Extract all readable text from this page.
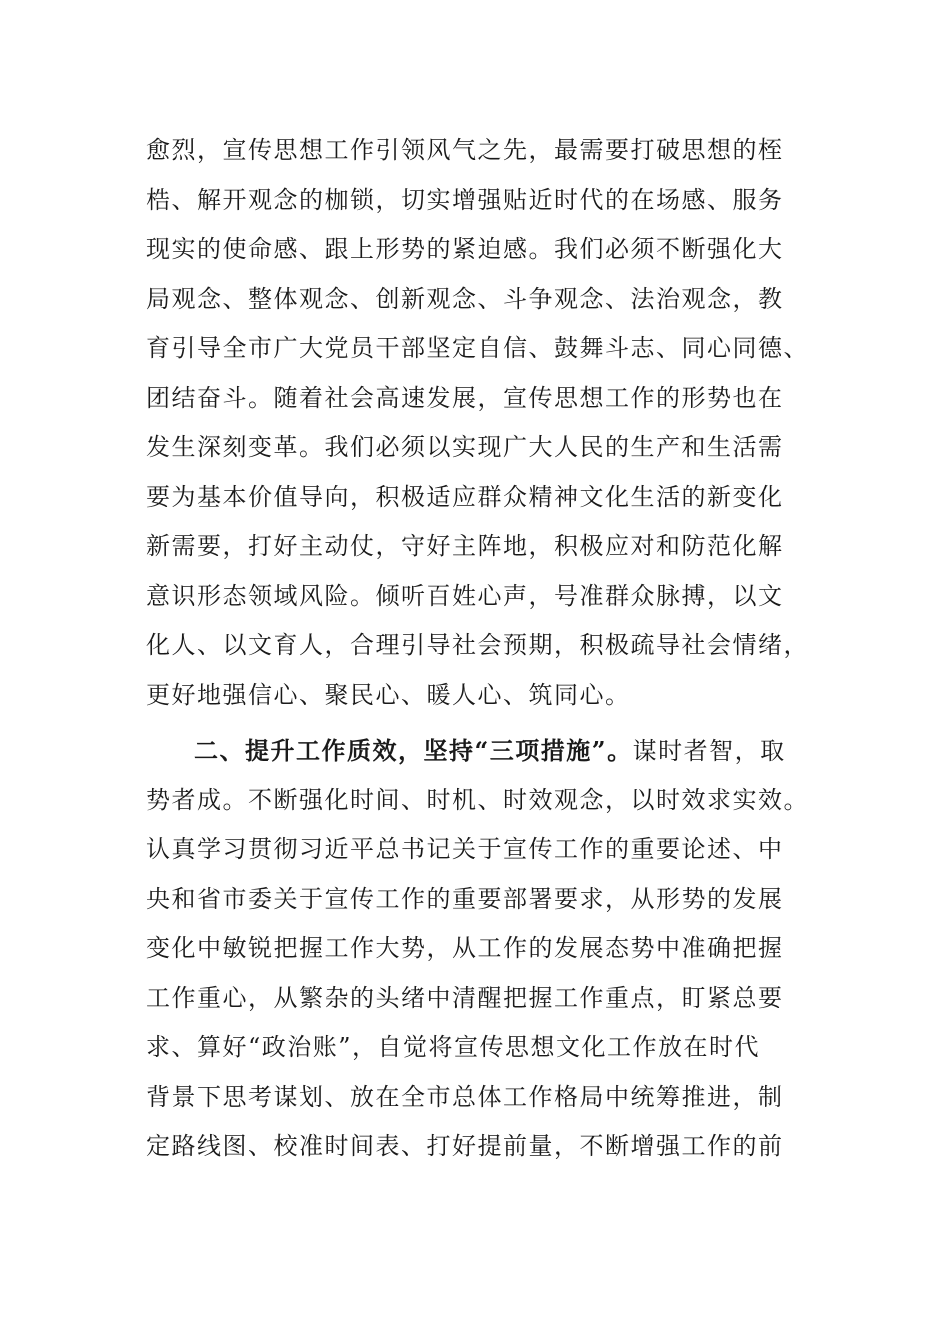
愈烈，宣传思想工作引领风气之先，最需要打破思想的桎
梏、解开观念的枷锁，切实增强贴近时代的在场感、服务
现实的使命感、跟上形势的紧迫感。我们必须不断强化大
局观念、整体观念、创新观念、斗争观念、法治观念，教
育引导全市广大党员干部坚定自信、鼓舞斗志、同心同德、
团结奋斗。随着社会高速发展，宣传思想工作的形势也在
发生深刻变革。我们必须以实现广大人民的生产和生活需
要为基本价值导向，积极适应群众精神文化生活的新变化
新需要，打好主动仗，守好主阵地，积极应对和防范化解
意识形态领域风险。倾听百姓心声，号准群众脉搏，以文
化人、以文育人，合理引导社会预期，积极疏导社会情绪，
更好地强信心、聚民心、暖人心、筑同心。
二、提升工作质效，坚持“三项措施”。谋时者智，取
势者成。不断强化时间、时机、时效观念，以时效求实效。
认真学习贯彻习近平总书记关于宣传工作的重要论述、中
央和省市委关于宣传工作的重要部署要求，从形势的发展
变化中敏锐把握工作大势，从工作的发展态势中准确把握
工作重心，从繁杂的头绪中清醒把握工作重点，盯紧总要
求、算好“政治账”，自觉将宣传思想文化工作放在时代
背景下思考谋划、放在全市总体工作格局中统筹推进，制
定路线图、校准时间表、打好提前量，不断增强工作的前
